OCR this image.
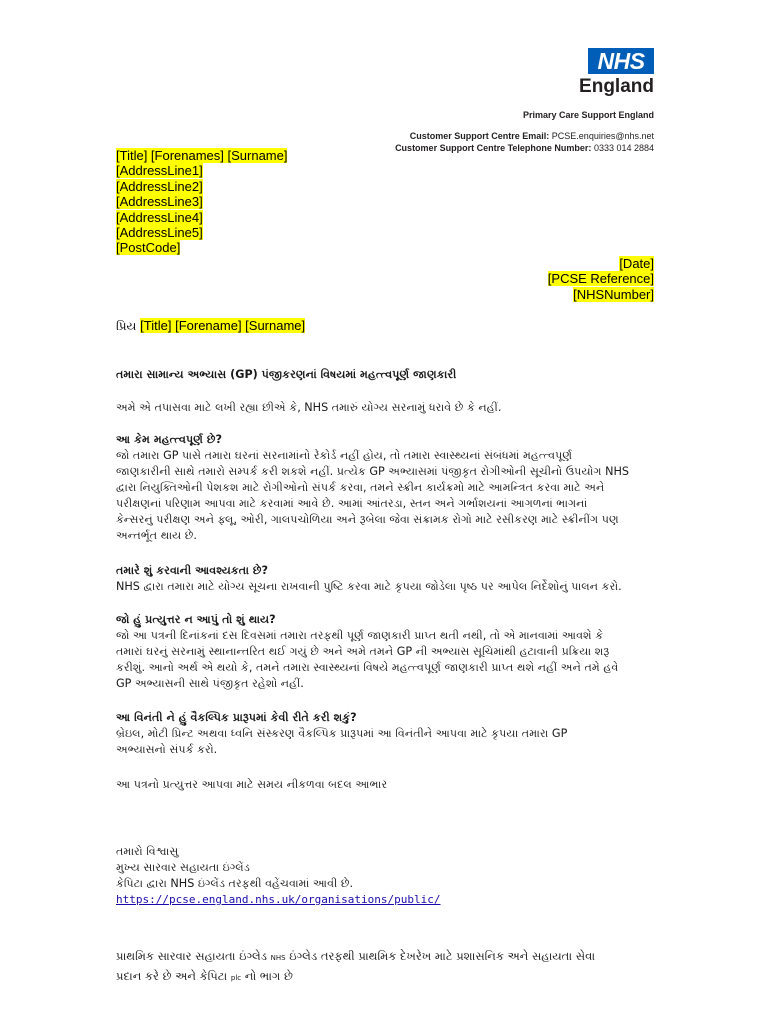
NHS
England
Primary Care Support England
Customer Support Centre Email: PCSE.enquiries@nhs.net
Customer Support Centre Telephone Number: 0333 014 2884
[Title] [Forenames] [Surname]
[AddressLine1]
[AddressLine2]
[AddressLine3]
[AddressLine4]
[AddressLine5]
[PostCode]
[Date]
[PCSE Reference]
[NHSNumber]
પ્રિય [Title] [Forename] [Surname]
તમારા સામાન્ય અભ્યાસ (GP) પંજીકરણનાં વિષયમાં મહત્ત્વપૂર્ણ જાણકારી
અમે એ તપાસવા માટે લખી રહ્યા છીએ કે, NHS તમારું યોગ્ય સરનામું ધરાવે છે કે નહીં.
આ કેમ મહત્ત્વપૂર્ણ છે?
જો તમારા GP પાસે તમારા ઘરનાં સરનામાંનો રેકોર્ડ નહીં હોય, તો તમારા સ્વાસ્થ્યનાં સંબંધમાં મહત્ત્વપૂર્ણ
જાણકારીની સાથે તમારો સમ્પર્ક કરી શકશે નહીં. પ્રત્યેક GP અભ્યાસમાં પંજીકૃત રોગીઓની સૂચીનો ઉપયોગ NHS
દ્વારા નિયુક્તિઓની પેશકશ માટે રોગીઓનો સંપર્ક કરવા, તમને સ્ક્રીન કાર્યક્રમો માટે આમન્ત્રિત કરવા માટે અને
પરીક્ષણનાં પરિણામ આપવા માટે કરવામાં આવે છે. આમાં આંતરડા, સ્તન અને ગર્ભાશયનાં આગળનાં ભાગનાં
કેન્સરનું પરીક્ષણ અને ફ્લૂ, ઓરી, ગાલપચોળિયા અને રૂબેલા જેવા સંક્રામક રોગો માટે રસીકરણ માટે સ્ક્રીનીંગ પણ
અન્તર્ભૂત થાય છે.
તમારે શું કરવાની આવશ્યકતા છે?
NHS દ્વારા તમારા માટે યોગ્ય સૂચના રાખવાની પુષ્ટિ કરવા માટે કૃપયા જોડેલા પૃષ્ઠ પર આપેલ નિર્દેશોનું પાલન કરો.
જો હું પ્રત્યુત્તર ન આપું તો શું થાય?
જો આ પત્રની દિનાંકનાં દસ દિવસમાં તમારા તરફથી પૂર્ણ જાણકારી પ્રાપ્ત થતી નથી, તો એ માનવામાં આવશે કે
તમારાં ઘરનું સરનામું સ્થાનાન્તરિત થઈ ગયું છે અને અમે તમને GP ની અભ્યાસ સૂચિમાંથી હટાવાની પ્રક્રિયા શરૂ
કરીશું. આનો અર્થ એ થયો કે, તમને તમારા સ્વાસ્થ્યનાં વિષયે મહત્ત્વપૂર્ણ જાણકારી પ્રાપ્ત થશે નહીં અને તમે હવે
GP અભ્યાસની સાથે પંજીકૃત રહેશો નહીં.
આ વિનંતી ને હું વૈકલ્પિક પ્રારૂપમાં કેવી રીતે કરી શકું?
બ્રેઇલ, મોટી પ્રિન્ટ અથવા ધ્વનિ સંસ્કરણ વૈકલ્પિક પ્રારૂપમાં આ વિનંતીને આપવા માટે કૃપયા તમારા GP
અભ્યાસનો સંપર્ક કરો.
આ પત્રનો પ્રત્યુત્તર આપવા માટે સમય નીકળવા બદલ આભાર
તમારો વિશ્વાસુ
મુખ્ય સારવાર સહાયતા ઇંગ્લેંડ
કેપિટા દ્વારા NHS ઇંગ્લેંડ તરફથી વહેંચવામાં આવી છે.
https://pcse.england.nhs.uk/organisations/public/
પ્રાથમિક સારવાર સહાયતા ઇંગ્લેડ NHS ઇંગ્લેડ તરફથી પ્રાથમિક દેખરેખ માટે પ્રશાસનિક અને સહાયતા સેવા
પ્રદાન કરે છે અને કેપિટા plc નો ભાગ છે
